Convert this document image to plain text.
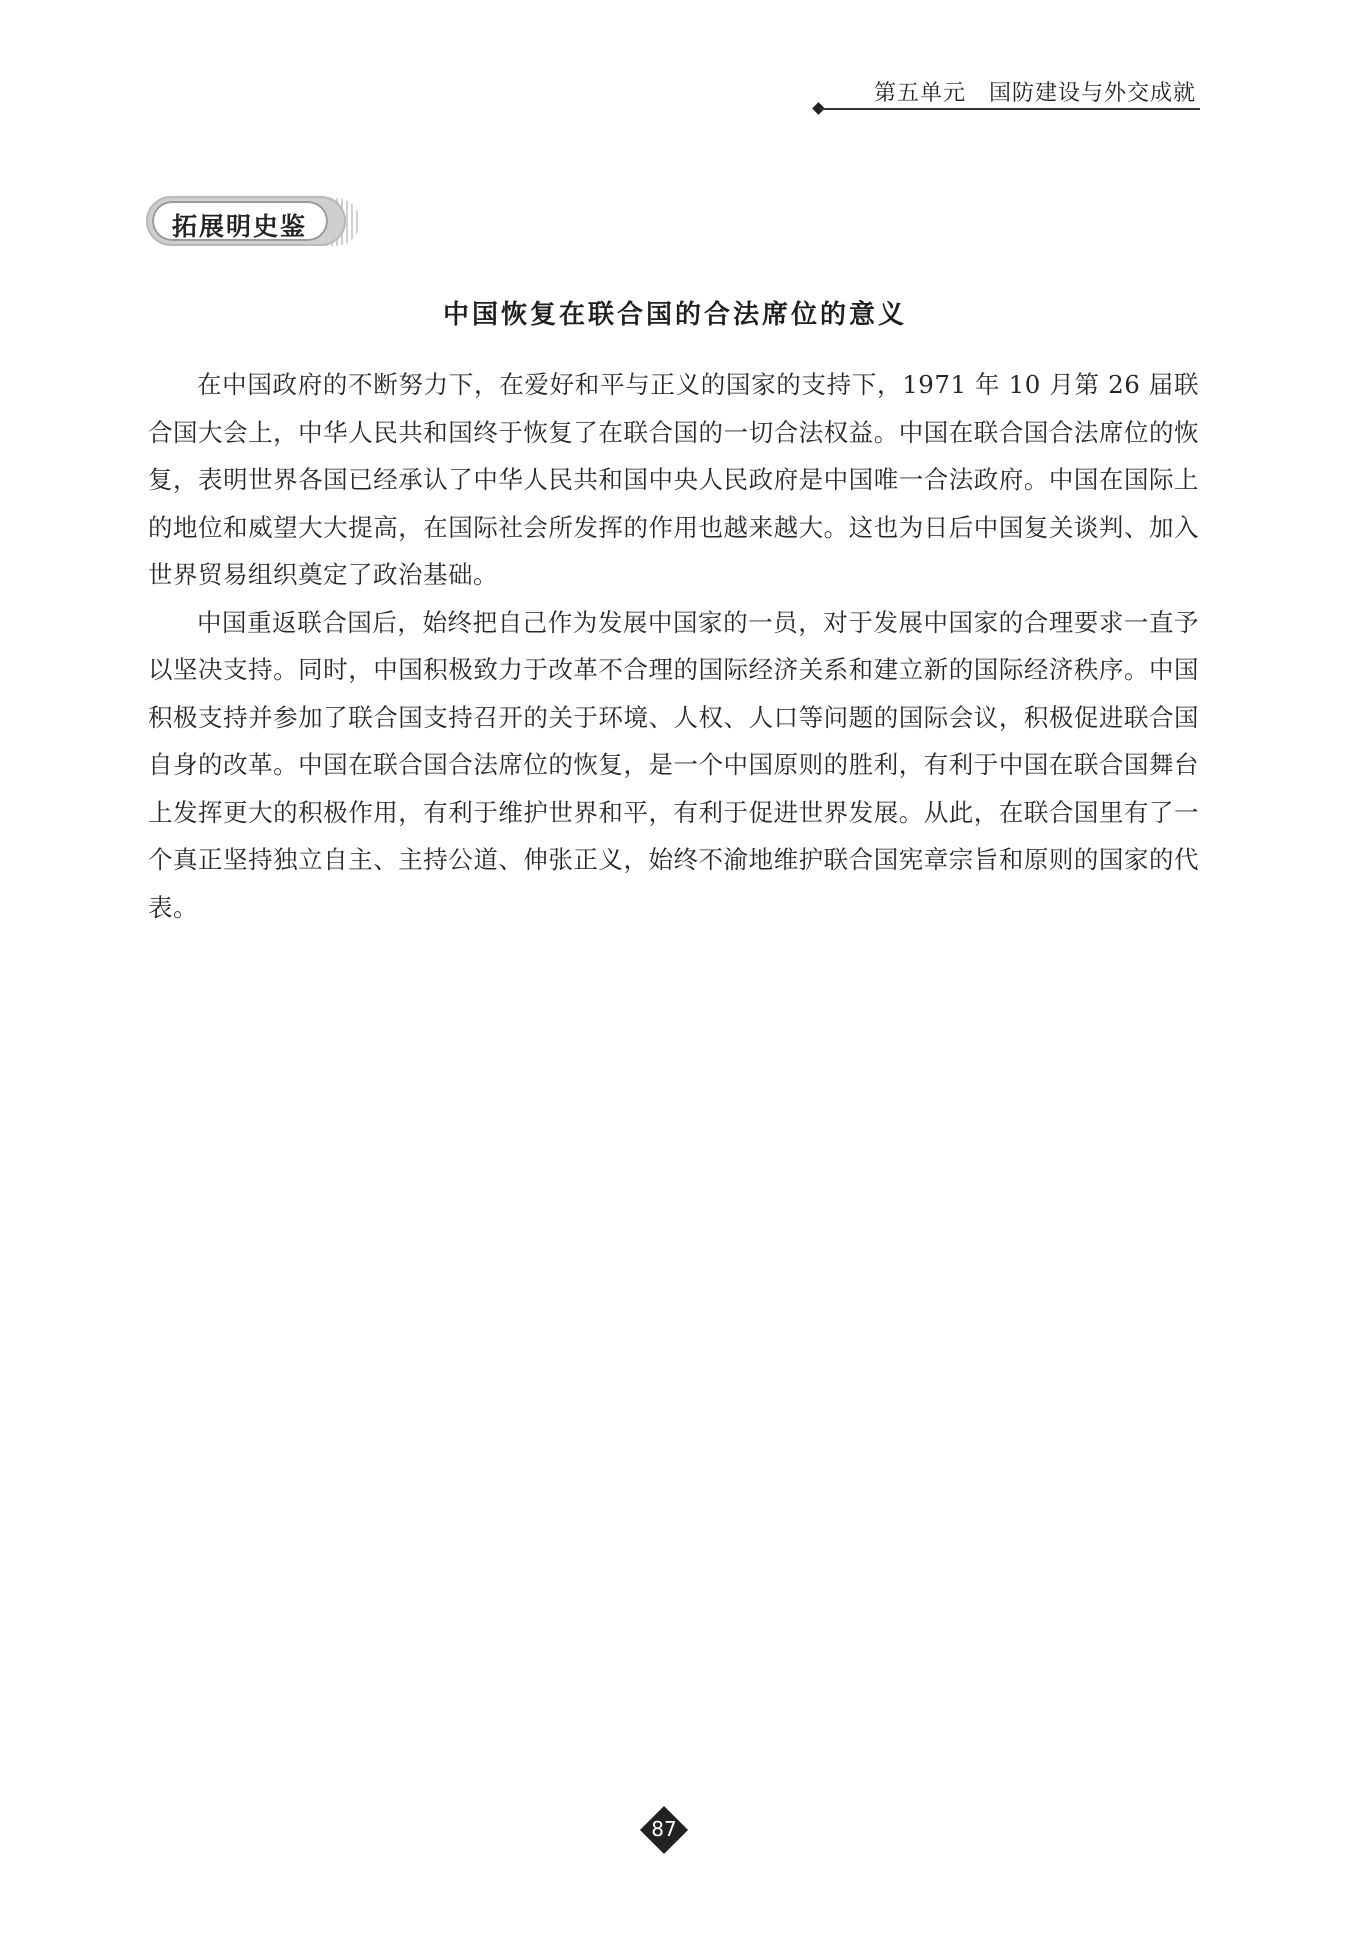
第五单元　国防建设与外交成就
拓展明史鉴
中国恢复在联合国的合法席位的意义

在中国政府的不断努力下，在爱好和平与正义的国家的支持下，1971 年 10 月第 26 届联合国大会上，中华人民共和国终于恢复了在联合国的一切合法权益。中国在联合国合法席位的恢复，表明世界各国已经承认了中华人民共和国中央人民政府是中国唯一合法政府。中国在国际上的地位和威望大大提高，在国际社会所发挥的作用也越来越大。这也为日后中国复关谈判、加入世界贸易组织奠定了政治基础。

中国重返联合国后，始终把自己作为发展中国家的一员，对于发展中国家的合理要求一直予以坚决支持。同时，中国积极致力于改革不合理的国际经济关系和建立新的国际经济秩序。中国积极支持并参加了联合国支持召开的关于环境、人权、人口等问题的国际会议，积极促进联合国自身的改革。中国在联合国合法席位的恢复，是一个中国原则的胜利，有利于中国在联合国舞台上发挥更大的积极作用，有利于维护世界和平，有利于促进世界发展。从此，在联合国里有了一个真正坚持独立自主、主持公道、伸张正义，始终不渝地维护联合国宪章宗旨和原则的国家的代表。

87
